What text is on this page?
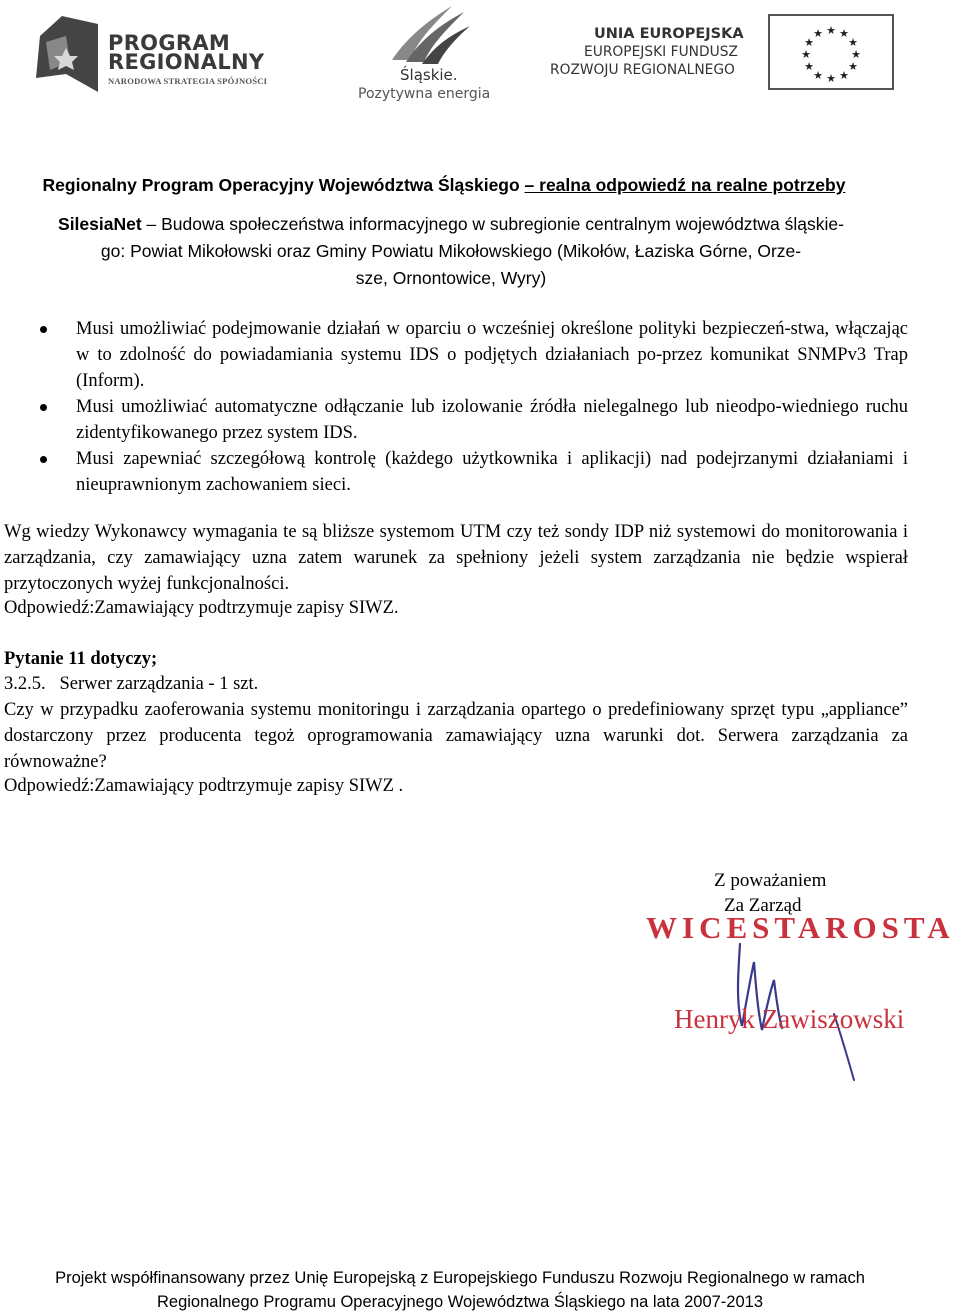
PROGRAM
REGIONALNY
NARODOWA STRATEGIA SPÓJNOŚCI	Śląskie.
Pozytywna energia
UNIA EUROPEJSKA
EUROPEJSKI FUNDUSZ
ROZWOJU REGIONALNEGO
★ ★
★
★
★
★
★
★
★
★
★
★
Regionalny Program Operacyjny Województwa Śląskiego – realna odpowiedź na realne potrzeby
SilesiaNet – Budowa społeczeństwa informacyjnego w subregionie centralnym województwa śląskie-
go: Powiat Mikołowski oraz Gminy Powiatu Mikołowskiego (Mikołów, Łaziska Górne, Orze-
sze, Ornontowice, Wyry)
Musi umożliwiać podejmowanie działań w oparciu o wcześniej określone polityki bezpieczeń-stwa, włączając w to zdolność do powiadamiania systemu IDS o podjętych działaniach po-przez komunikat SNMPv3 Trap (Inform).
Musi umożliwiać automatyczne odłączanie lub izolowanie źródła nielegalnego lub nieodpo-wiedniego ruchu zidentyfikowanego przez system IDS.
Musi zapewniać szczegółową kontrolę (każdego użytkownika i aplikacji) nad podejrzanymi działaniami i nieuprawnionym zachowaniem sieci.

Wg wiedzy Wykonawcy wymagania te są bliższe systemom UTM czy też sondy IDP niż systemowi do monitorowania i zarządzania, czy zamawiający uzna zatem warunek za spełniony jeżeli system zarządzania nie będzie wspierał przytoczonych wyżej funkcjonalności.

Odpowiedź:Zamawiający podtrzymuje zapisy SIWZ.
Pytanie 11 dotyczy;
3.2.5.   Serwer zarządzania - 1 szt.

Czy w przypadku zaoferowania systemu monitoringu i zarządzania opartego o predefiniowany sprzęt typu „appliance” dostarczony przez producenta tegoż oprogramowania zamawiający uzna warunki dot. Serwera zarządzania za równoważne?

Odpowiedź:Zamawiający podtrzymuje zapisy SIWZ .
Z poważaniem
WICESTAROSTA
Za Zarząd
Henryk Zawiszowski
Projekt współfinansowany przez Unię Europejską z Europejskiego Funduszu Rozwoju Regionalnego w ramach
Regionalnego Programu Operacyjnego Województwa Śląskiego na lata 2007-2013
